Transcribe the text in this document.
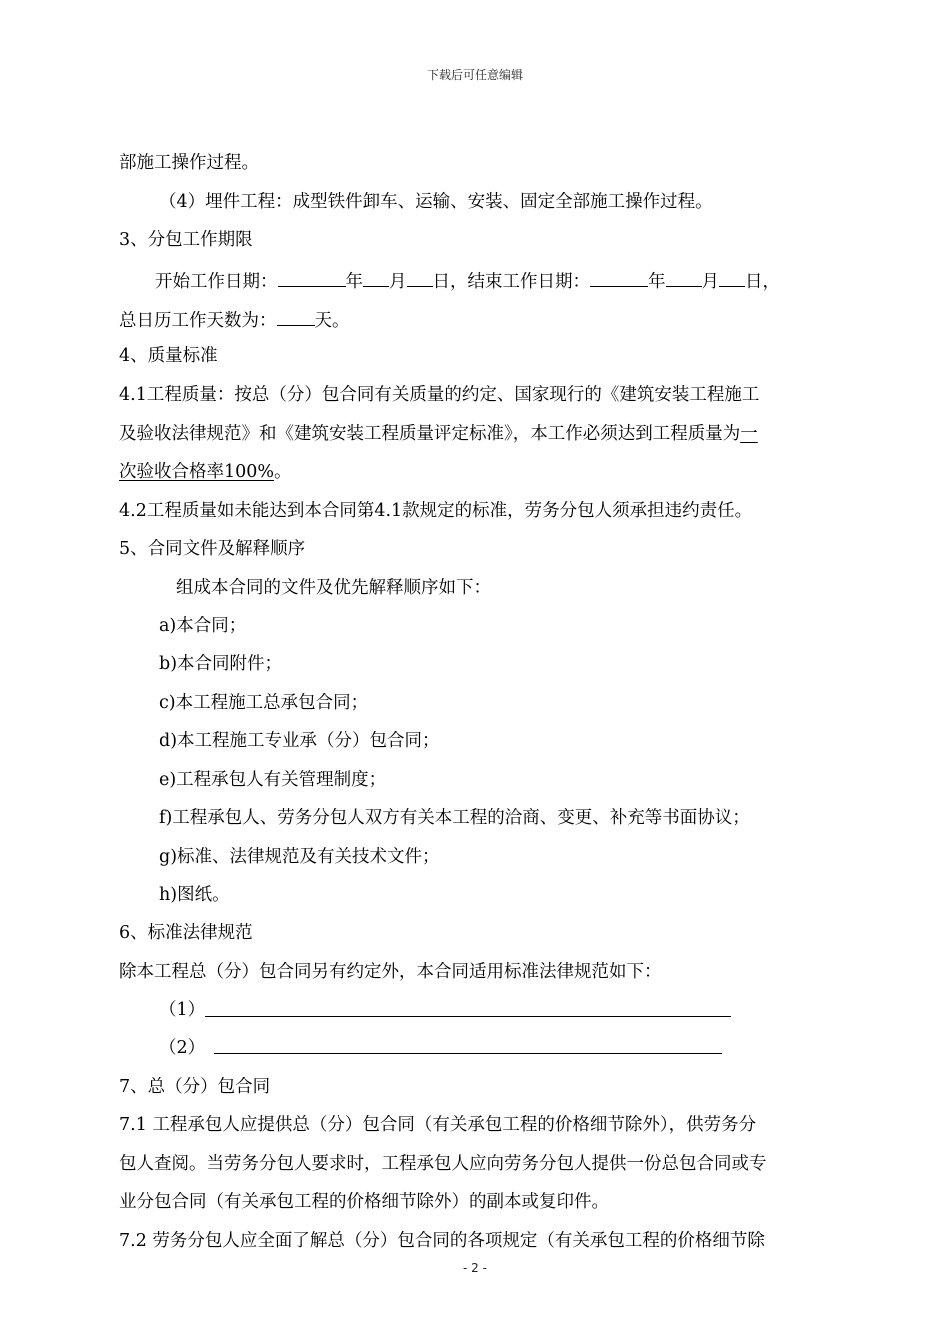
下载后可任意编辑
部施工操作过程。
（4）埋件工程：成型铁件卸车、运输、安装、固定全部施工操作过程。
3、分包工作期限
开始工作日期：	年 月 日，结束工作日期：	年 月 日，
总日历工作天数为： 天。
4、质量标准
4.1工程质量：按总（分）包合同有关质量的约定、国家现行的《建筑安装工程施工
及验收法律规范》和《建筑安装工程质量评定标准》，本工作必须达到工程质量为一
次验收合格率100%。
4.2工程质量如未能达到本合同第4.1款规定的标准，劳务分包人须承担违约责任。
5、合同文件及解释顺序
组成本合同的文件及优先解释顺序如下：
a)本合同；
b)本合同附件；
c)本工程施工总承包合同；
d)本工程施工专业承（分）包合同；
e)工程承包人有关管理制度；
f)工程承包人、劳务分包人双方有关本工程的洽商、变更、补充等书面协议；
g)标准、法律规范及有关技术文件；
h)图纸。
6、标准法律规范
除本工程总（分）包合同另有约定外，本合同适用标准法律规范如下：
（1）
（2）
7、总（分）包合同
7.1 工程承包人应提供总（分）包合同（有关承包工程的价格细节除外），供劳务分
包人查阅。当劳务分包人要求时，工程承包人应向劳务分包人提供一份总包合同或专
业分包合同（有关承包工程的价格细节除外）的副本或复印件。
7.2 劳务分包人应全面了解总（分）包合同的各项规定（有关承包工程的价格细节除
- 2 -
